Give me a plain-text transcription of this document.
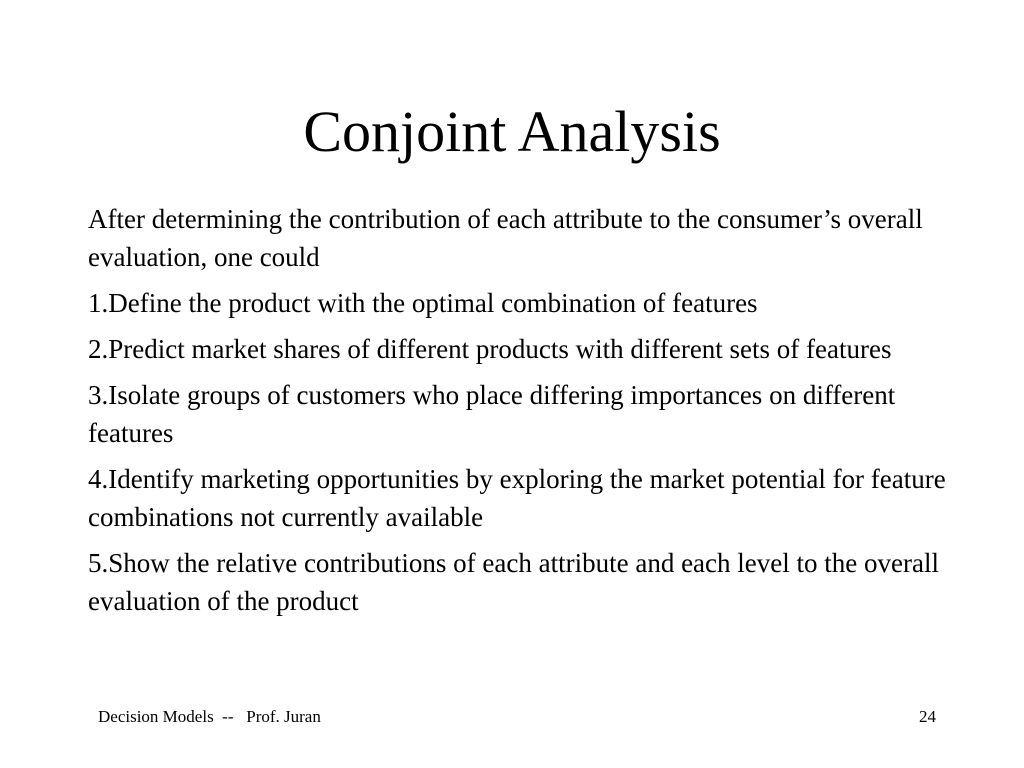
Conjoint Analysis

After determining the contribution of each attribute to the consumer’s overall evaluation, one could

1.Define the product with the optimal combination of features

2.Predict market shares of different products with different sets of features

3.Isolate groups of customers who place differing importances on different features

4.Identify marketing opportunities by exploring the market potential for feature combinations not currently available

5.Show the relative contributions of each attribute and each level to the overall evaluation of the product

Decision Models  --   Prof. Juran	24
